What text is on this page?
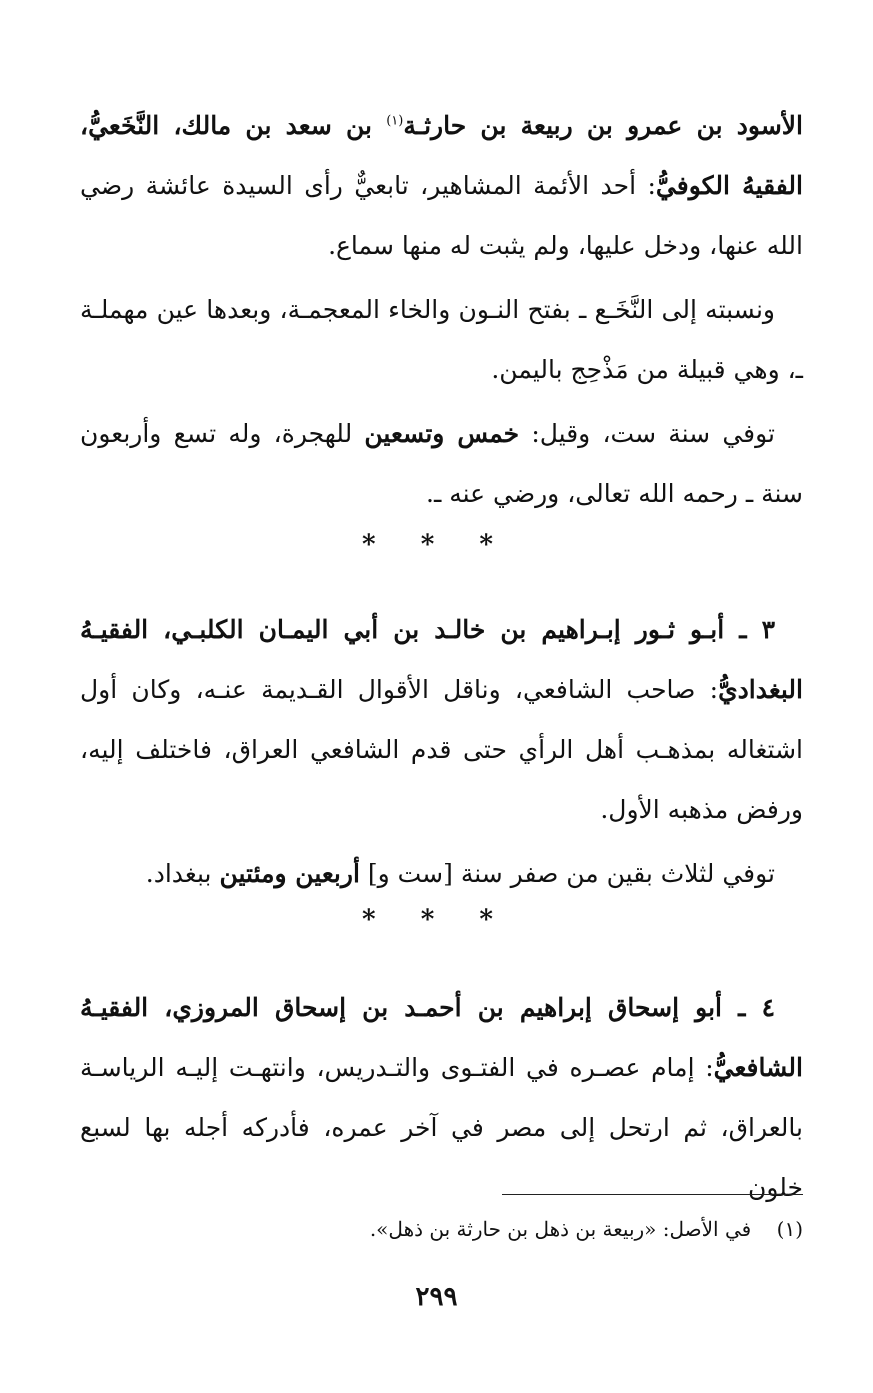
الأسود بن عمرو بن ربيعة بن حارثـة$^{(١)}$ بن سعد بن مالك، النَّخَعيُّ، الفقيهُ الكوفيُّ: أحد الأئمة المشاهير، تابعيٌّ رأى السيدة عائشة رضي الله عنها، ودخل عليها، ولم يثبت له منها سماع.

ونسبته إلى النَّخَـع ـ بفتح النـون والخاء المعجمـة، وبعدها عين مهملـة ـ، وهي قبيلة من مَذْحِج باليمن.

توفي سنة ست، وقيل: خمس وتسعين للهجرة، وله تسع وأربعون سنة ـ رحمه الله تعالى، ورضي عنه ـ.

* * *

٣ ـ أبـو ثـور إبـراهيم بن خالـد بن أبي اليمـان الكلبـي، الفقيـهُ البغداديُّ: صاحب الشافعي، وناقل الأقوال القـديمة عنـه، وكان أول اشتغاله بمذهـب أهل الرأي حتى قدم الشافعي العراق، فاختلف إليه، ورفض مذهبه الأول.

توفي لثلاث بقين من صفر سنة [ست و] أربعين ومئتين ببغداد.

* * *

٤ ـ أبو إسحاق إبراهيم بن أحمـد بن إسحاق المروزي، الفقيـهُ الشافعيُّ: إمام عصـره في الفتـوى والتـدريس، وانتهـت إليـه الرياسـة بالعراق، ثم ارتحل إلى مصر في آخر عمره، فأدركه أجله بها لسبع خلون

(١)    في الأصل: «ربيعة بن ذهل بن حارثة بن ذهل».
٢٩٩
